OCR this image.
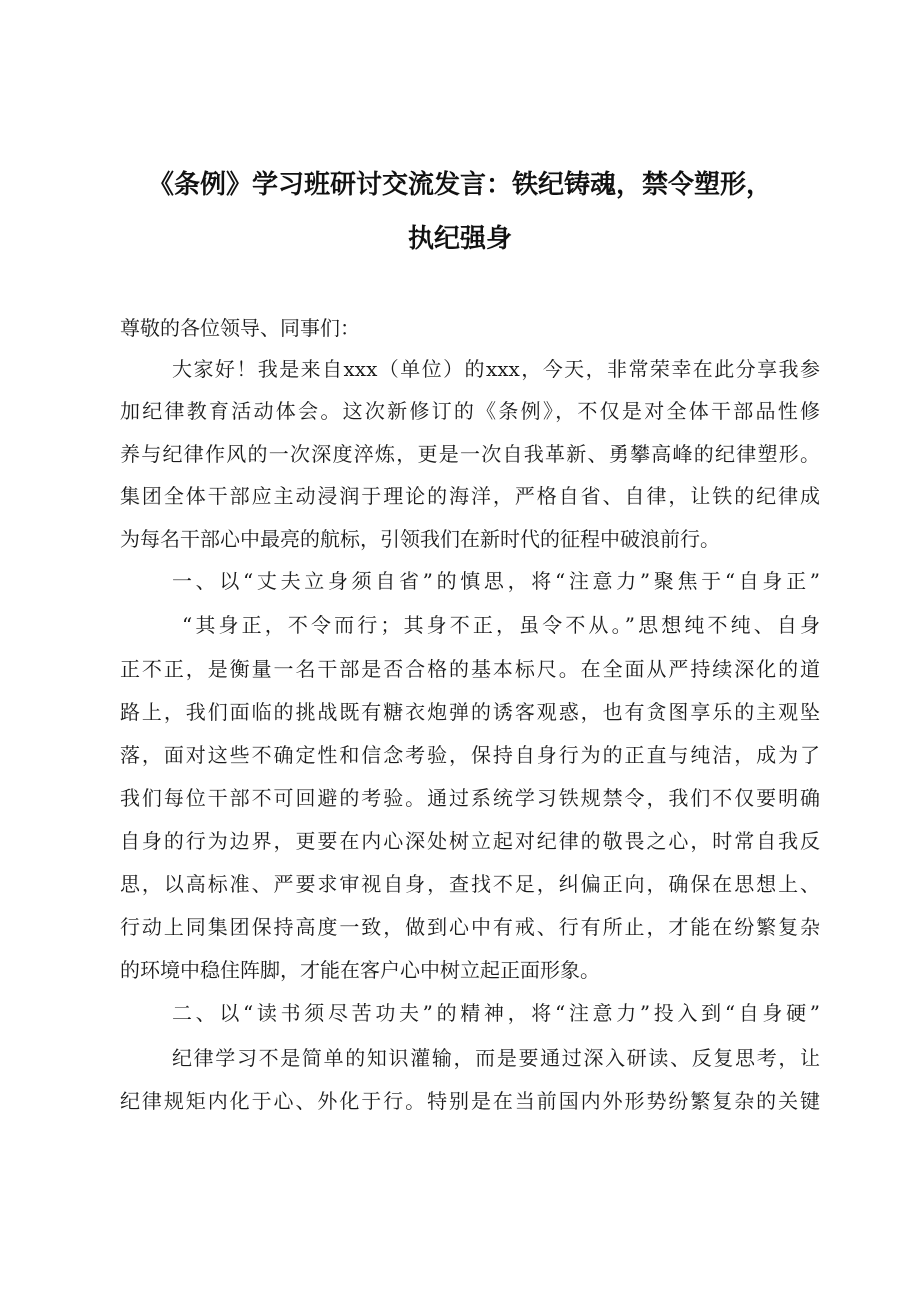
《条例》学习班研讨交流发言：铁纪铸魂，禁令塑形，
执纪强身
尊敬的各位领导、同事们：
大家好！我是来自xxx（单位）的xxx，今天，非常荣幸在此分享我参
加纪律教育活动体会。这次新修订的《条例》，不仅是对全体干部品性修
养与纪律作风的一次深度淬炼，更是一次自我革新、勇攀高峰的纪律塑形。
集团全体干部应主动浸润于理论的海洋，严格自省、自律，让铁的纪律成
为每名干部心中最亮的航标，引领我们在新时代的征程中破浪前行。
一、以“丈夫立身须自省”的慎思，将“注意力”聚焦于“自身正”
“其身正，不令而行；其身不正，虽令不从。”思想纯不纯、自身
正不正，是衡量一名干部是否合格的基本标尺。在全面从严持续深化的道
路上，我们面临的挑战既有糖衣炮弹的诱客观惑，也有贪图享乐的主观坠
落，面对这些不确定性和信念考验，保持自身行为的正直与纯洁，成为了
我们每位干部不可回避的考验。通过系统学习铁规禁令，我们不仅要明确
自身的行为边界，更要在内心深处树立起对纪律的敬畏之心，时常自我反
思，以高标准、严要求审视自身，查找不足，纠偏正向，确保在思想上、
行动上同集团保持高度一致，做到心中有戒、行有所止，才能在纷繁复杂
的环境中稳住阵脚，才能在客户心中树立起正面形象。
二、以“读书须尽苦功夫”的精神，将“注意力”投入到“自身硬”
纪律学习不是简单的知识灌输，而是要通过深入研读、反复思考，让
纪律规矩内化于心、外化于行。特别是在当前国内外形势纷繁复杂的关键
